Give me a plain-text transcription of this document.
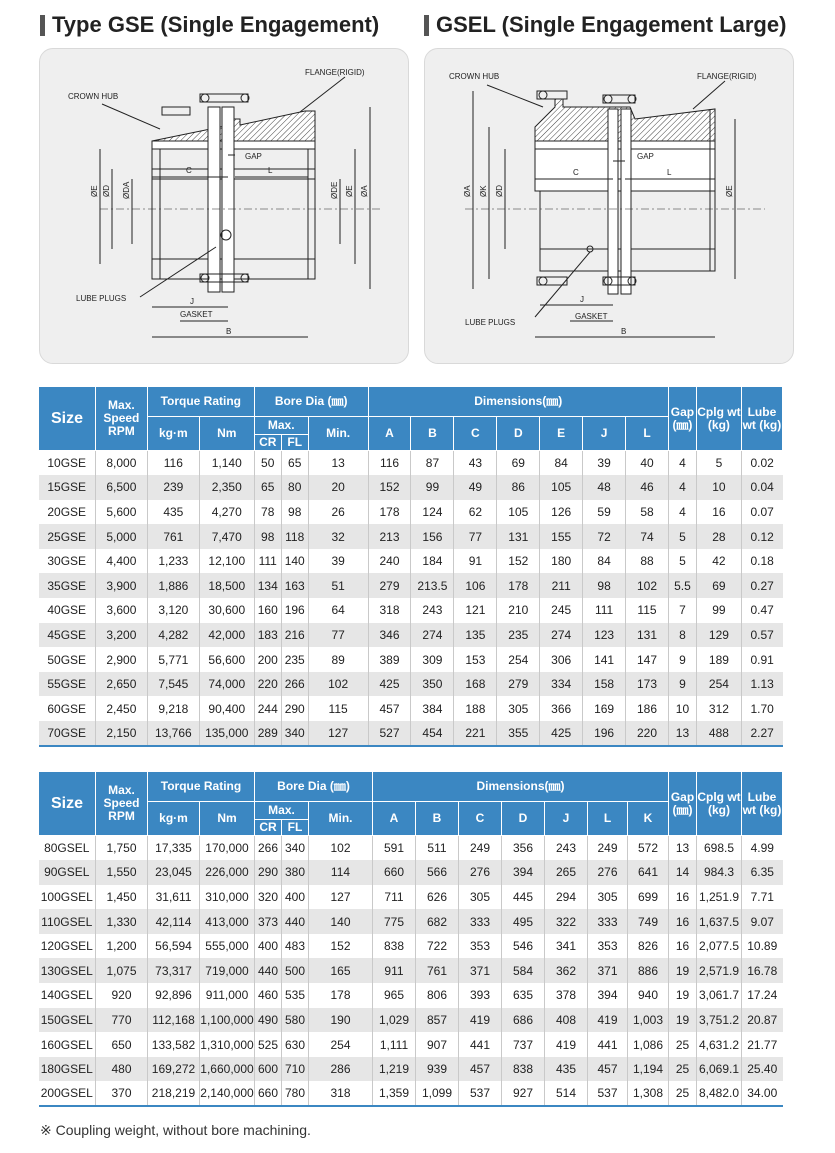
Type GSE (Single Engagement)	GSEL (Single Engagement Large)
FLANGE(RIGID)
CROWN HUB
GAP
C	L
ØE ØD ØDA	ØDE ØE ØA
LUBE PLUGS	J
GASKET
B
FLANGE(RIGID)
CROWN HUB
GAP
C	L
ØA ØK ØD	ØE
LUBE PLUGS
J
GASKET
B
Size	Max. Speed RPM	Torque Rating		Bore Dia (㎜)			Dimensions(㎜)							Gap (㎜)	Cplg wt (kg)	Lube wt (kg)
		kg·m	Nm	Max.		Min.	A	B	C	D	E	J	L			
				CR	FL											
10GSE	8,000	116	1,140	50	65	13	116	87	43	69	84	39	40	4	5	0.02
15GSE	6,500	239	2,350	65	80	20	152	99	49	86	105	48	46	4	10	0.04
20GSE	5,600	435	4,270	78	98	26	178	124	62	105	126	59	58	4	16	0.07
25GSE	5,000	761	7,470	98	118	32	213	156	77	131	155	72	74	5	28	0.12
30GSE	4,400	1,233	12,100	111	140	39	240	184	91	152	180	84	88	5	42	0.18
35GSE	3,900	1,886	18,500	134	163	51	279	213.5	106	178	211	98	102	5.5	69	0.27
40GSE	3,600	3,120	30,600	160	196	64	318	243	121	210	245	111	115	7	99	0.47
45GSE	3,200	4,282	42,000	183	216	77	346	274	135	235	274	123	131	8	129	0.57
50GSE	2,900	5,771	56,600	200	235	89	389	309	153	254	306	141	147	9	189	0.91
55GSE	2,650	7,545	74,000	220	266	102	425	350	168	279	334	158	173	9	254	1.13
60GSE	2,450	9,218	90,400	244	290	115	457	384	188	305	366	169	186	10	312	1.70
70GSE	2,150	13,766	135,000	289	340	127	527	454	221	355	425	196	220	13	488	2.27
Size	Max. Speed RPM	Torque Rating		Bore Dia (㎜)			Dimensions(㎜)							Gap (㎜)	Cplg wt (kg)	Lube wt (kg)
		kg·m	Nm	Max.		Min.	A	B	C	D	J	L	K			
				CR	FL											
80GSEL	1,750	17,335	170,000	266	340	102	591	511	249	356	243	249	572	13	698.5	4.99
90GSEL	1,550	23,045	226,000	290	380	114	660	566	276	394	265	276	641	14	984.3	6.35
100GSEL	1,450	31,611	310,000	320	400	127	711	626	305	445	294	305	699	16	1,251.9	7.71
110GSEL	1,330	42,114	413,000	373	440	140	775	682	333	495	322	333	749	16	1,637.5	9.07
120GSEL	1,200	56,594	555,000	400	483	152	838	722	353	546	341	353	826	16	2,077.5	10.89
130GSEL	1,075	73,317	719,000	440	500	165	911	761	371	584	362	371	886	19	2,571.9	16.78
140GSEL	920	92,896	911,000	460	535	178	965	806	393	635	378	394	940	19	3,061.7	17.24
150GSEL	770	112,168	1,100,000	490	580	190	1,029	857	419	686	408	419	1,003	19	3,751.2	20.87
160GSEL	650	133,582	1,310,000	525	630	254	1,111	907	441	737	419	441	1,086	25	4,631.2	21.77
180GSEL	480	169,272	1,660,000	600	710	286	1,219	939	457	838	435	457	1,194	25	6,069.1	25.40
200GSEL	370	218,219	2,140,000	660	780	318	1,359	1,099	537	927	514	537	1,308	25	8,482.0	34.00
※ Coupling weight, without bore machining.
